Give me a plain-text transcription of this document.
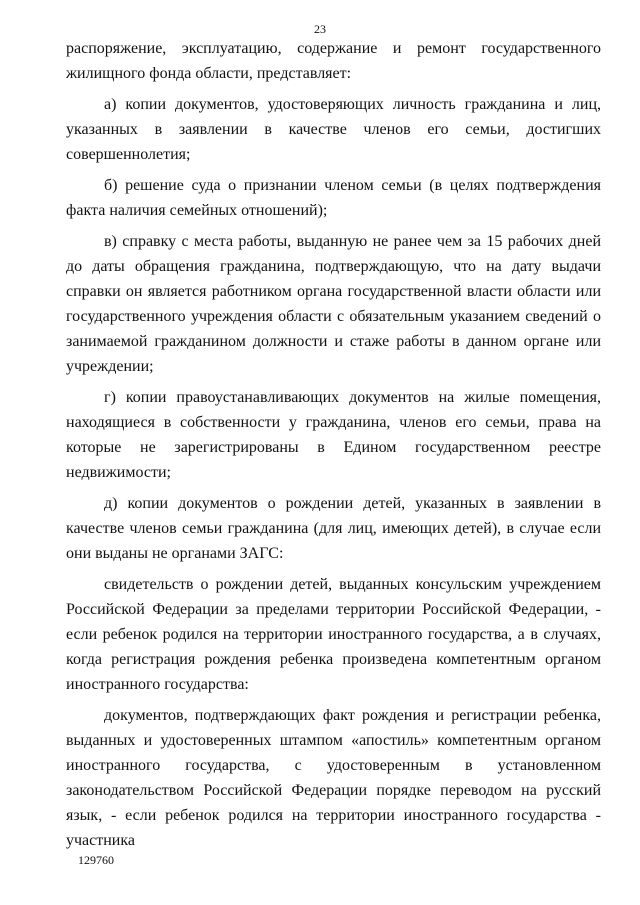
23

распоряжение, эксплуатацию, содержание и ремонт государственного жилищного фонда области, представляет:

а) копии документов, удостоверяющих личность гражданина и лиц, указанных в заявлении в качестве членов его семьи, достигших совершеннолетия;

б) решение суда о признании членом семьи (в целях подтверждения факта наличия семейных отношений);

в) справку с места работы, выданную не ранее чем за 15 рабочих дней до даты обращения гражданина, подтверждающую, что на дату выдачи справки он является работником органа государственной власти области или государственного учреждения области с обязательным указанием сведений о занимаемой гражданином должности и стаже работы в данном органе или учреждении;

г) копии правоустанавливающих документов на жилые помещения, находящиеся в собственности у гражданина, членов его семьи, права на которые не зарегистрированы в Едином государственном реестре недвижимости;

д) копии документов о рождении детей, указанных в заявлении в качестве членов семьи гражданина (для лиц, имеющих детей), в случае если они выданы не органами ЗАГС:

свидетельств о рождении детей, выданных консульским учреждением Российской Федерации за пределами территории Российской Федерации, - если ребенок родился на территории иностранного государства, а в случаях, когда регистрация рождения ребенка произведена компетентным органом иностранного государства:

документов, подтверждающих факт рождения и регистрации ребенка, выданных и удостоверенных штампом «апостиль» компетентным органом иностранного государства, с удостоверенным в установленном законодательством Российской Федерации порядке переводом на русский язык, - если ребенок родился на территории иностранного государства - участника

129760
